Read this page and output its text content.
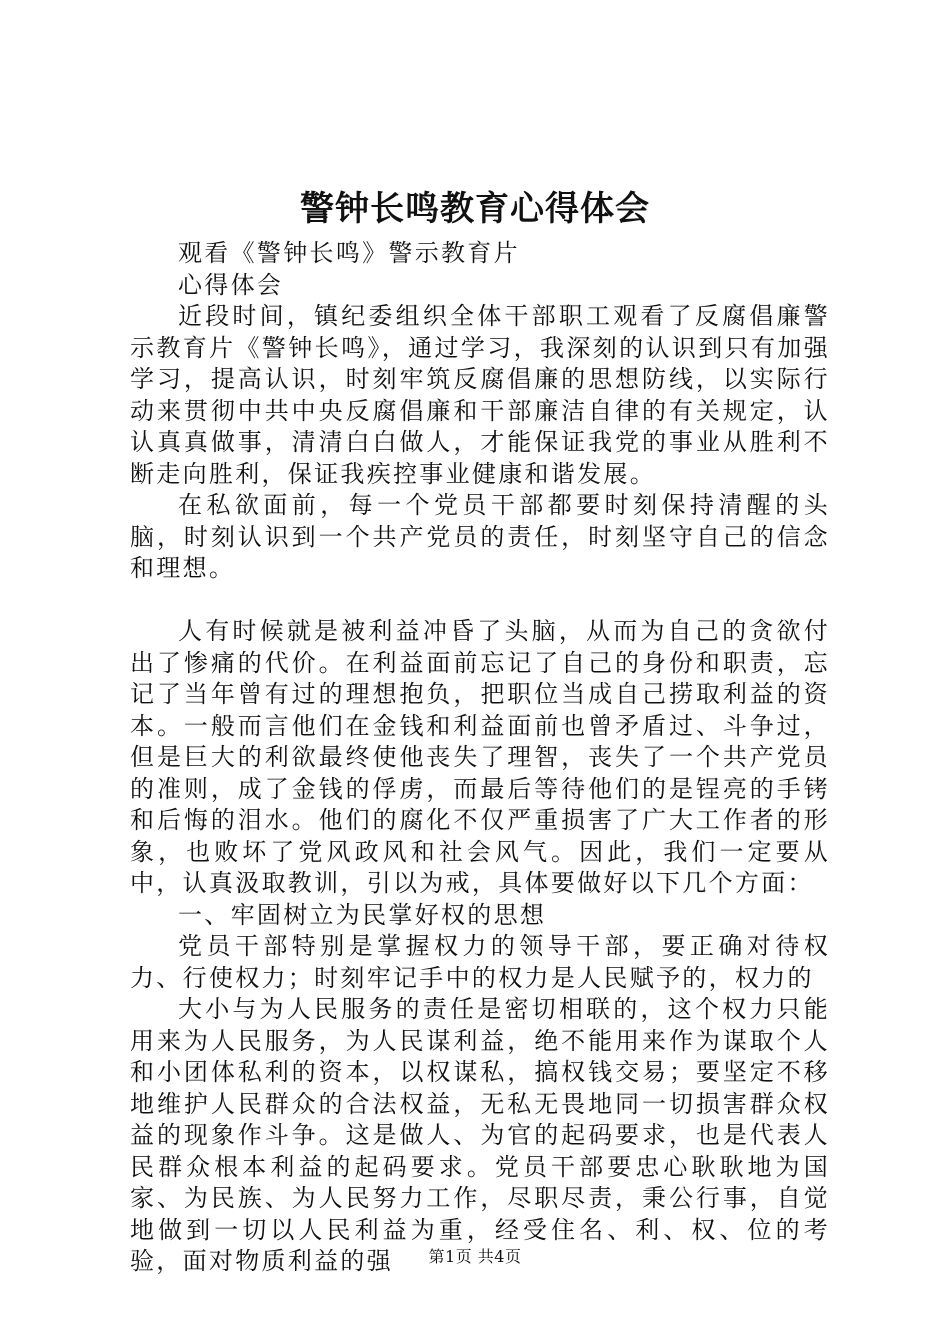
警钟长鸣教育心得体会

观看《警钟长鸣》警示教育片

心得体会

近段时间，镇纪委组织全体干部职工观看了反腐倡廉警示教育片《警钟长鸣》，通过学习，我深刻的认识到只有加强学习，提高认识，时刻牢筑反腐倡廉的思想防线，以实际行动来贯彻中共中央反腐倡廉和干部廉洁自律的有关规定，认认真真做事，清清白白做人，才能保证我党的事业从胜利不断走向胜利，保证我疾控事业健康和谐发展。

在私欲面前，每一个党员干部都要时刻保持清醒的头脑，时刻认识到一个共产党员的责任，时刻坚守自己的信念和理想。

人有时候就是被利益冲昏了头脑，从而为自己的贪欲付出了惨痛的代价。在利益面前忘记了自己的身份和职责，忘记了当年曾有过的理想抱负，把职位当成自己捞取利益的资本。一般而言他们在金钱和利益面前也曾矛盾过、斗争过，但是巨大的利欲最终使他丧失了理智，丧失了一个共产党员的准则，成了金钱的俘虏，而最后等待他们的是锃亮的手铐和后悔的泪水。他们的腐化不仅严重损害了广大工作者的形象，也败坏了党风政风和社会风气。因此，我们一定要从中，认真汲取教训，引以为戒，具体要做好以下几个方面：

一、牢固树立为民掌好权的思想

党员干部特别是掌握权力的领导干部，要正确对待权力、行使权力；时刻牢记手中的权力是人民赋予的，权力的

大小与为人民服务的责任是密切相联的，这个权力只能用来为人民服务，为人民谋利益，绝不能用来作为谋取个人和小团体私利的资本，以权谋私，搞权钱交易；要坚定不移地维护人民群众的合法权益，无私无畏地同一切损害群众权益的现象作斗争。这是做人、为官的起码要求，也是代表人民群众根本利益的起码要求。党员干部要忠心耿耿地为国家、为民族、为人民努力工作，尽职尽责，秉公行事，自觉地做到一切以人民利益为重，经受住名、利、权、位的考验，面对物质利益的强	第1页 共4页
